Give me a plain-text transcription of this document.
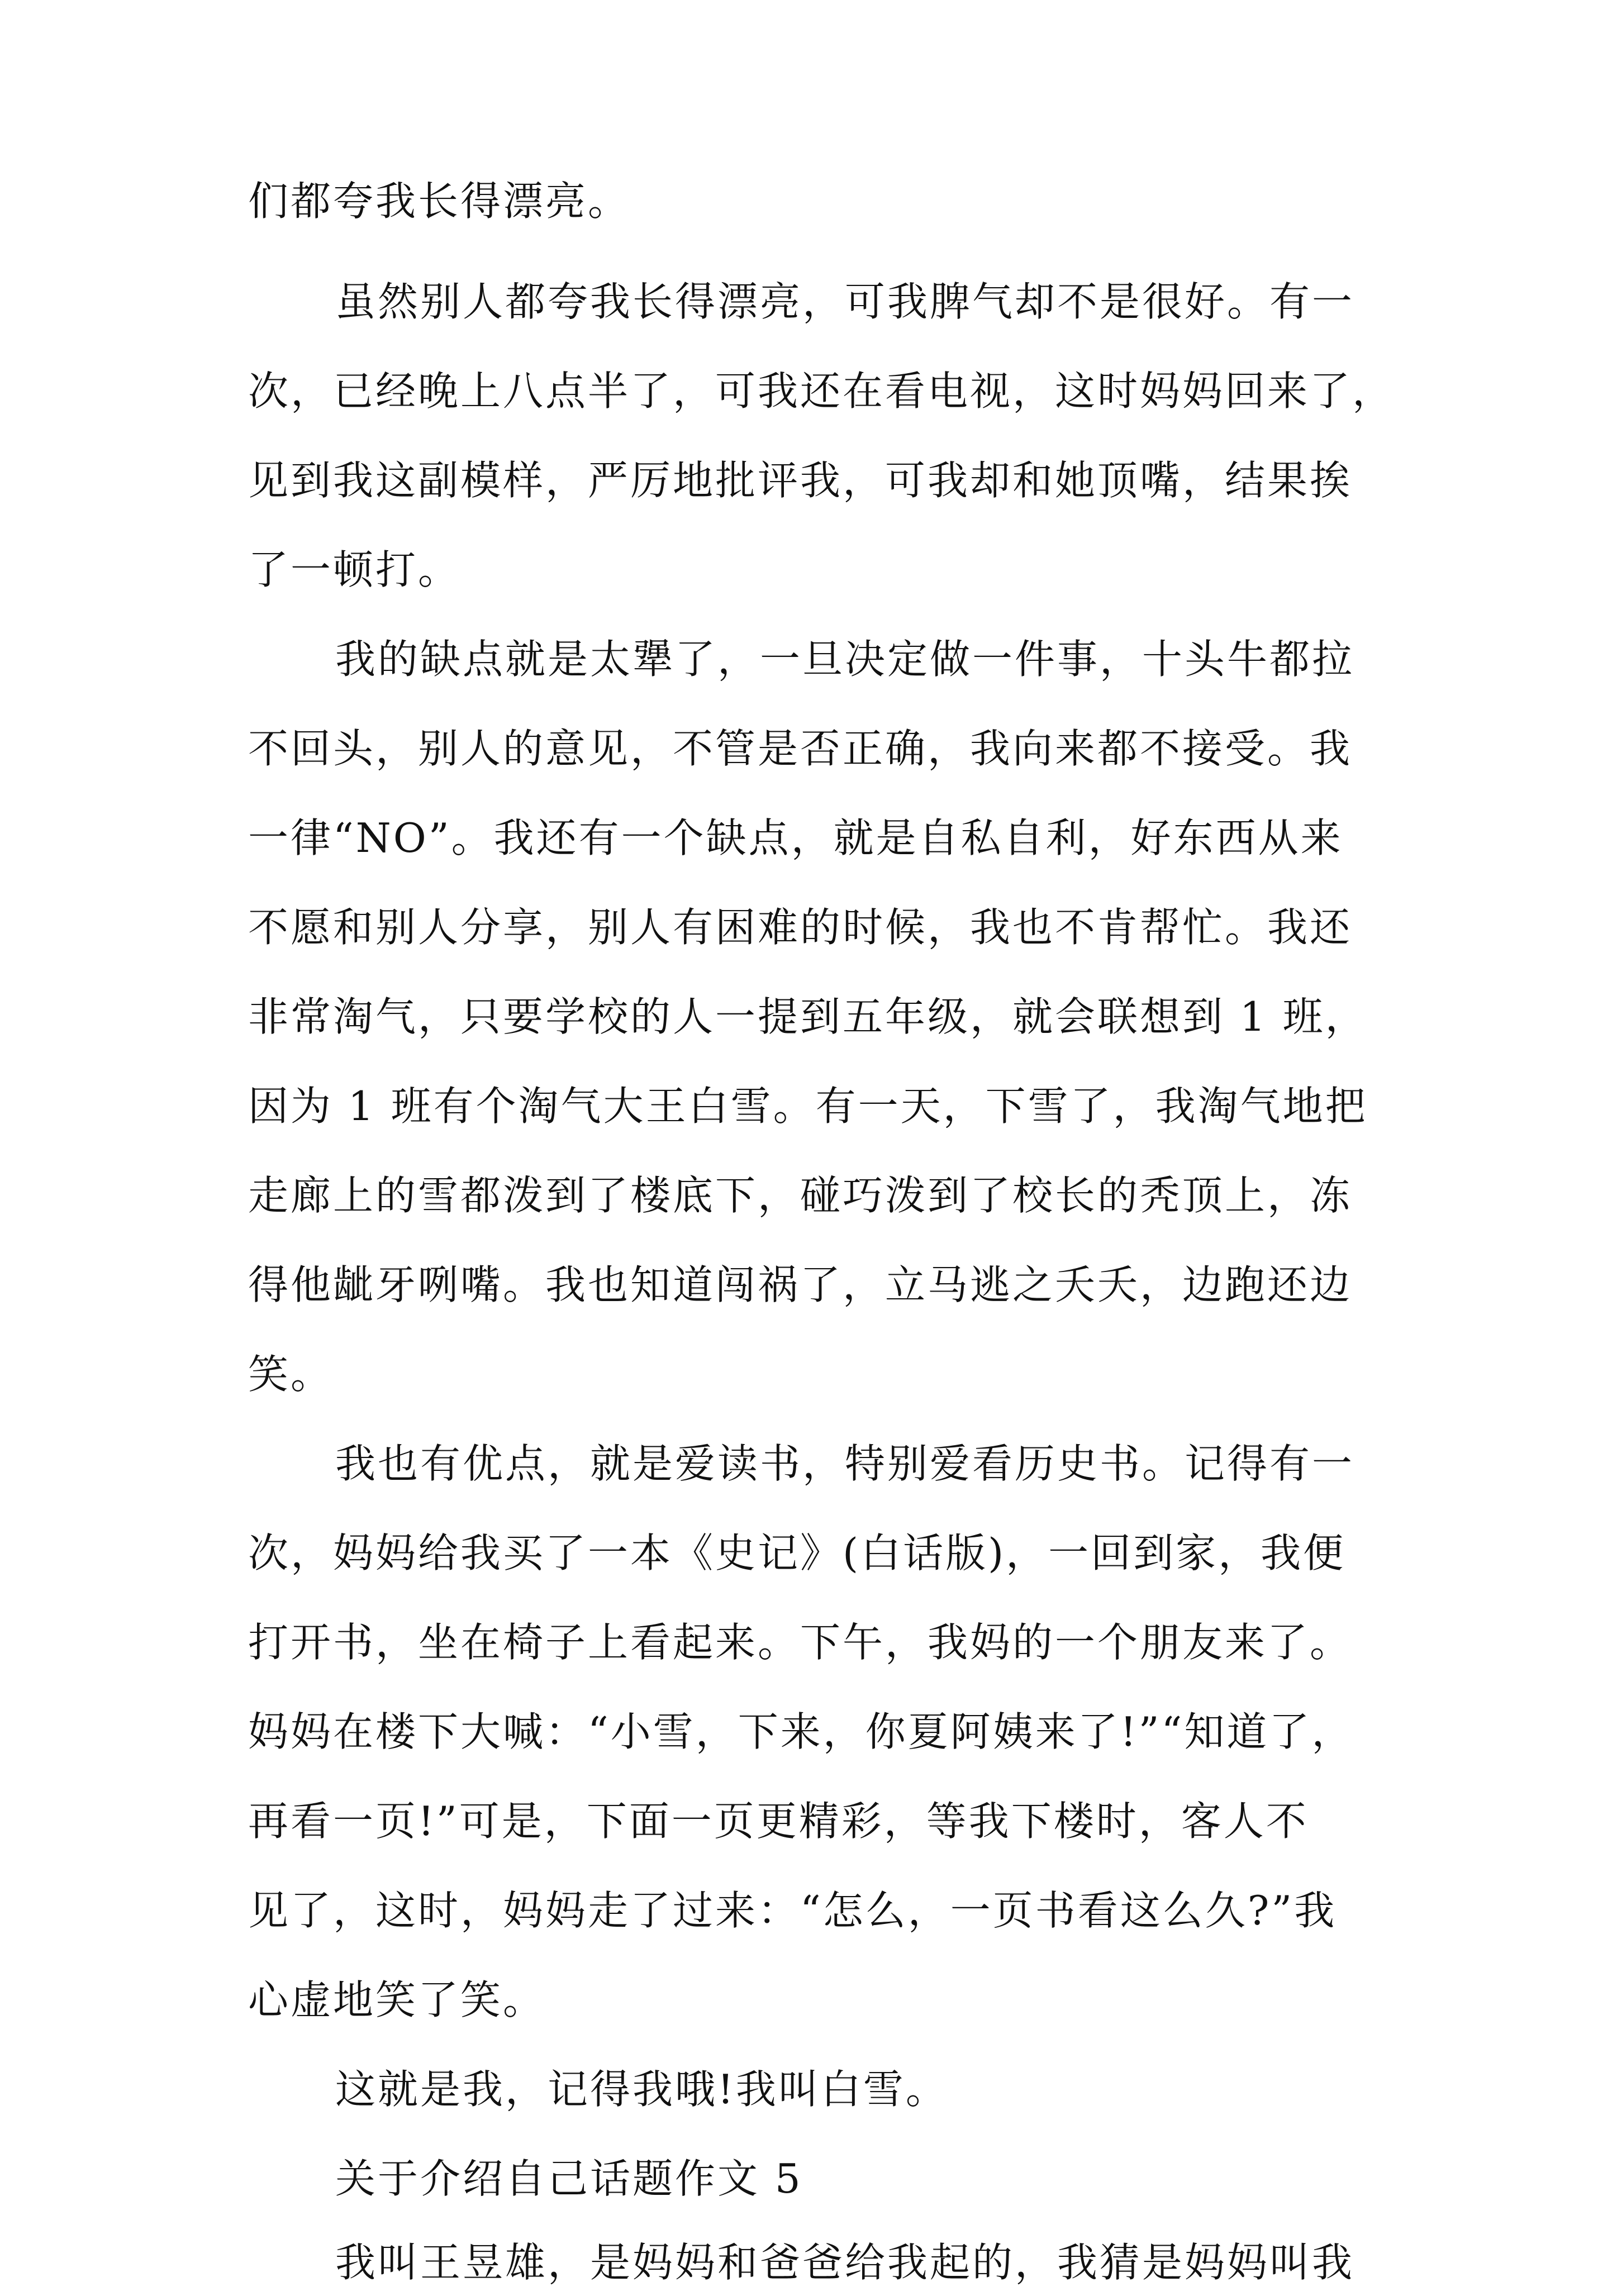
们都夸我长得漂亮。
虽然别人都夸我长得漂亮，可我脾气却不是很好。有一
次，已经晚上八点半了，可我还在看电视，这时妈妈回来了，
见到我这副模样，严厉地批评我，可我却和她顶嘴，结果挨
了一顿打。
我的缺点就是太犟了，一旦决定做一件事，十头牛都拉
不回头，别人的意见，不管是否正确，我向来都不接受。我
一律“NO”。我还有一个缺点，就是自私自利，好东西从来
不愿和别人分享，别人有困难的时候，我也不肯帮忙。我还
非常淘气，只要学校的人一提到五年级，就会联想到 1 班，
因为 1 班有个淘气大王白雪。有一天，下雪了，我淘气地把
走廊上的雪都泼到了楼底下，碰巧泼到了校长的秃顶上，冻
得他龇牙咧嘴。我也知道闯祸了，立马逃之夭夭，边跑还边
笑。
我也有优点，就是爱读书，特别爱看历史书。记得有一
次，妈妈给我买了一本《史记》(白话版)，一回到家，我便
打开书，坐在椅子上看起来。下午，我妈的一个朋友来了。
妈妈在楼下大喊：“小雪，下来，你夏阿姨来了!”“知道了，
再看一页!”可是，下面一页更精彩，等我下楼时，客人不
见了，这时，妈妈走了过来：“怎么，一页书看这么久?”我
心虚地笑了笑。
这就是我，记得我哦!我叫白雪。
关于介绍自己话题作文 5
我叫王昱雄，是妈妈和爸爸给我起的，我猜是妈妈叫我
